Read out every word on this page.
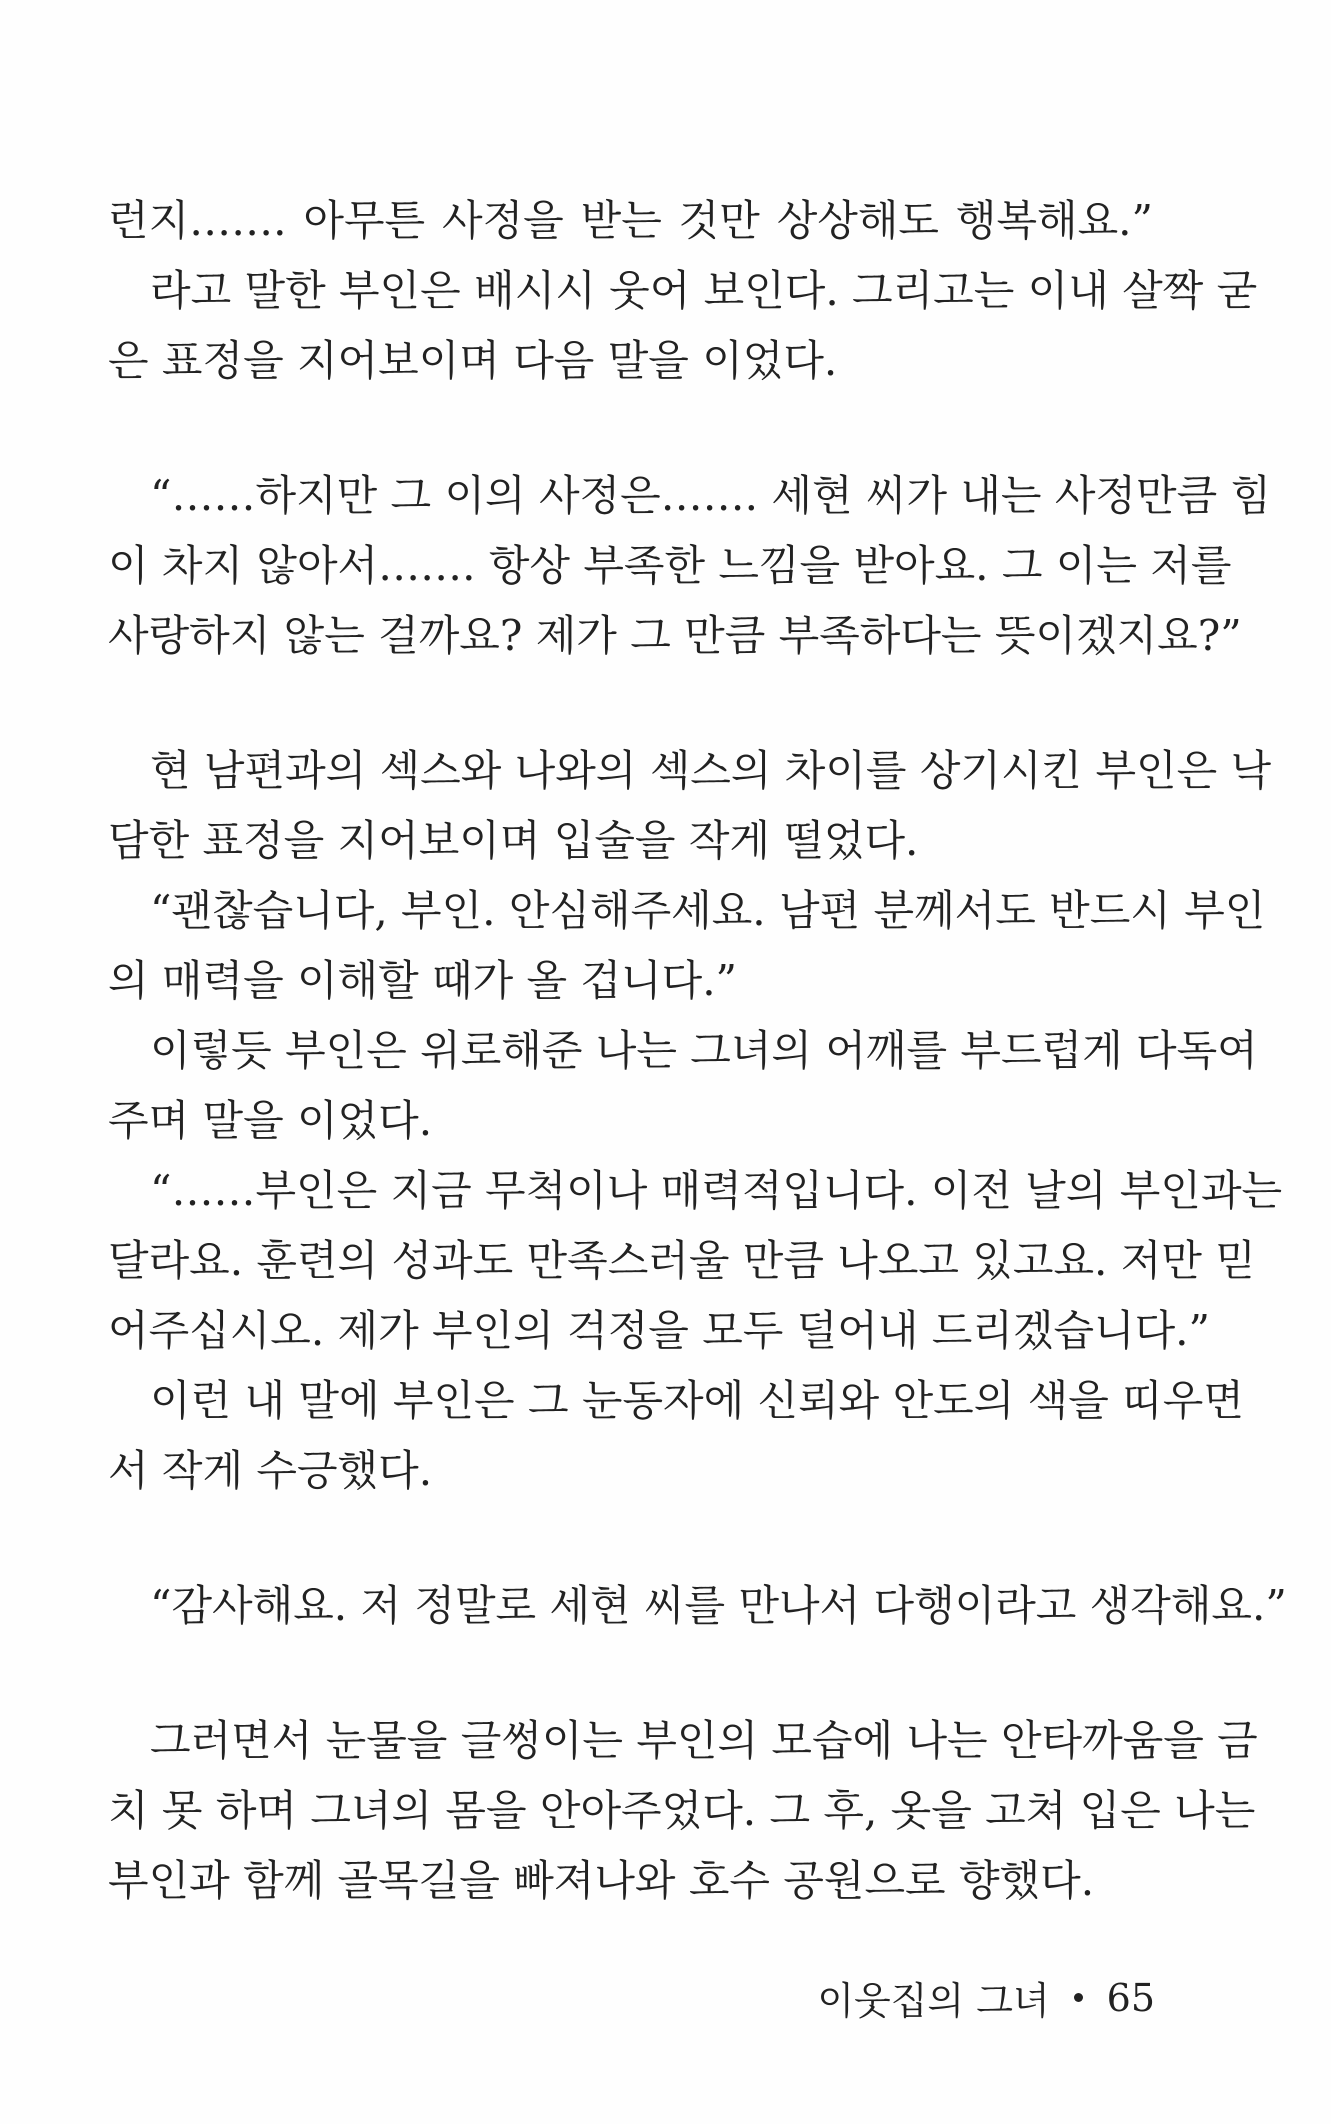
런지……. 아무튼 사정을 받는 것만 상상해도 행복해요.”
라고 말한 부인은 배시시 웃어 보인다. 그리고는 이내 살짝 굳
은 표정을 지어보이며 다음 말을 이었다.
“……하지만 그 이의 사정은……. 세현 씨가 내는 사정만큼 힘
이 차지 않아서……. 항상 부족한 느낌을 받아요. 그 이는 저를
사랑하지 않는 걸까요? 제가 그 만큼 부족하다는 뜻이겠지요?”
현 남편과의 섹스와 나와의 섹스의 차이를 상기시킨 부인은 낙
담한 표정을 지어보이며 입술을 작게 떨었다.
“괜찮습니다, 부인. 안심해주세요. 남편 분께서도 반드시 부인
의 매력을 이해할 때가 올 겁니다.”
이렇듯 부인은 위로해준 나는 그녀의 어깨를 부드럽게 다독여
주며 말을 이었다.
“……부인은 지금 무척이나 매력적입니다. 이전 날의 부인과는
달라요. 훈련의 성과도 만족스러울 만큼 나오고 있고요. 저만 믿
어주십시오. 제가 부인의 걱정을 모두 덜어내 드리겠습니다.”
이런 내 말에 부인은 그 눈동자에 신뢰와 안도의 색을 띠우면
서 작게 수긍했다.
“감사해요. 저 정말로 세현 씨를 만나서 다행이라고 생각해요.”
그러면서 눈물을 글썽이는 부인의 모습에 나는 안타까움을 금
치 못 하며 그녀의 몸을 안아주었다. 그 후, 옷을 고쳐 입은 나는
부인과 함께 골목길을 빠져나와 호수 공원으로 향했다.
이웃집의 그녀 65
